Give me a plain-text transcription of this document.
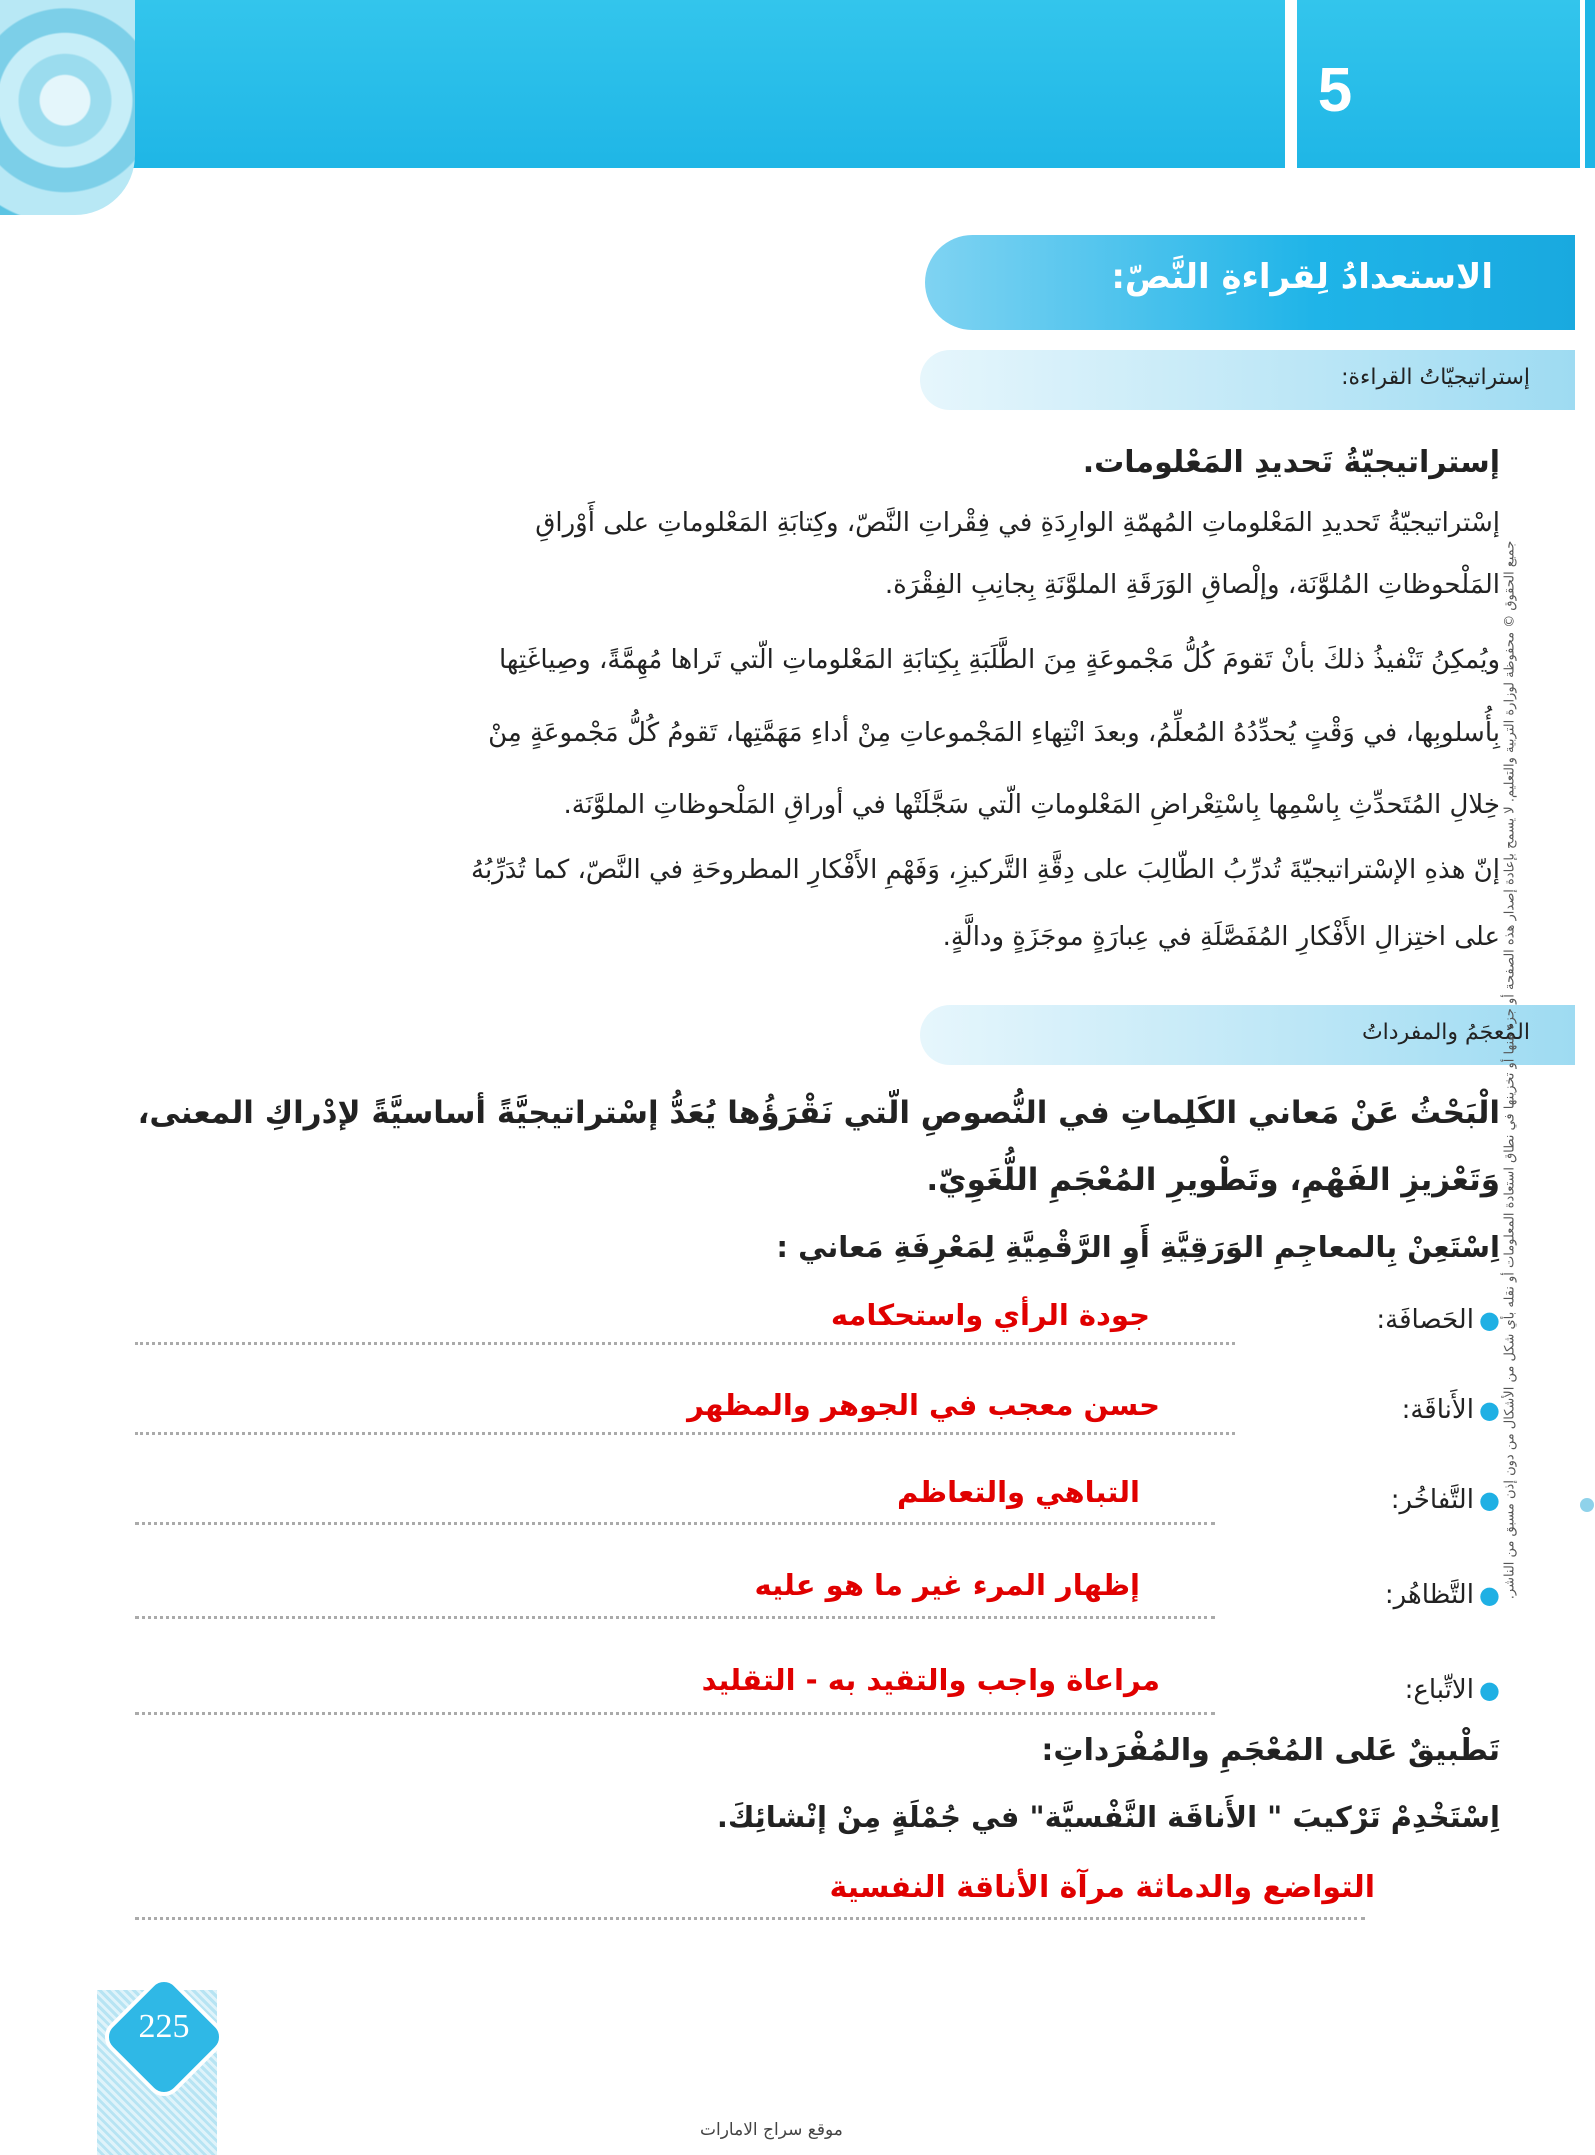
5
الاستعدادُ لِقراءةِ النَّصّ:
إستراتيجيّاتُ القراءة:
إستراتيجيّةُ تَحديدِ المَعْلومات.
إسْتراتيجيّةُ تَحديدِ المَعْلوماتِ المُهمّةِ الوارِدَةِ في فِقْراتِ النَّصّ، وكِتابَةِ المَعْلوماتِ على أَوْراقِ
المَلْحوظاتِ المُلوَّنَة، وإلْصاقِ الوَرَقَةِ الملوَّنَةِ بِجانِبِ الفِقْرَة.
ويُمكِنُ تَنْفيذُ ذلكَ بأنْ تَقومَ كُلُّ مَجْموعَةٍ مِنَ الطَّلَبَةِ بِكِتابَةِ المَعْلوماتِ الّتي تَراها مُهِمَّةً، وصِياغَتِها
بِأُسلوبِها، في وَقْتٍ يُحدِّدُهُ المُعلِّمُ، وبعدَ انْتِهاءِ المَجْموعاتِ مِنْ أداءِ مَهَمَّتِها، تَقومُ كُلُّ مَجْموعَةٍ مِنْ
خِلالِ المُتَحدِّثِ بِاسْمِها بِاسْتِعْراضِ المَعْلوماتِ الّتي سَجَّلَتْها في أوراقِ المَلْحوظاتِ الملوَّنَة.
إنّ هذهِ الإسْتراتيجيّةَ تُدرِّبُ الطّالِبَ على دِقَّةِ التَّركيزِ، وَفَهْمِ الأَفْكارِ المطروحَةِ في النَّصّ، كما تُدَرِّبُهُ
على اختِزالِ الأَفْكارِ المُفَصَّلَةِ في عِبارَةٍ موجَزَةٍ ودالَّةٍ.
المُعجَمُ والمفرداتُ
الْبَحْثُ عَنْ مَعاني الكَلِماتِ في النُّصوصِ الّتي نَقْرَؤُها يُعَدُّ إسْتراتيجيَّةً أساسيَّةً لإدْراكِ المعنى،
وَتَعْزيزِ الفَهْمِ، وتَطْويرِ المُعْجَمِ اللُّغَوِيّ.
اِسْتَعِنْ بِالمعاجِمِ الوَرَقِيَّةِ أَوِ الرَّقْمِيَّةِ لِمَعْرِفَةِ مَعاني :
● الحَصافَة:
جودة الرأي واستحكامه
● الأَناقَة:
حسن معجب في الجوهر والمظهر
● التَّفاخُر:
التباهي والتعاظم
● التَّظاهُر:
إظهار المرء غير ما هو عليه
● الاتِّباع:
مراعاة واجب والتقيد به - التقليد
تَطْبيقٌ عَلى المُعْجَمِ والمُفْرَداتِ:
اِسْتَخْدِمْ تَرْكيبَ " الأَناقَة النَّفْسيَّة" في جُمْلَةٍ مِنْ إنْشائِكَ.
التواضع والدماثة مرآة الأناقة النفسية
جميع الحقوق © محفوظة لوزارة التربية والتعليم. لا يسمح بإعادة إصدار هذه الصفحة أو جزء منها أو تخزينها في نطاق استعادة المعلومات أو نقله بأي شكل من الأشكال من دون إذن مسبق من الناشر.
225
موقع سراج الامارات
